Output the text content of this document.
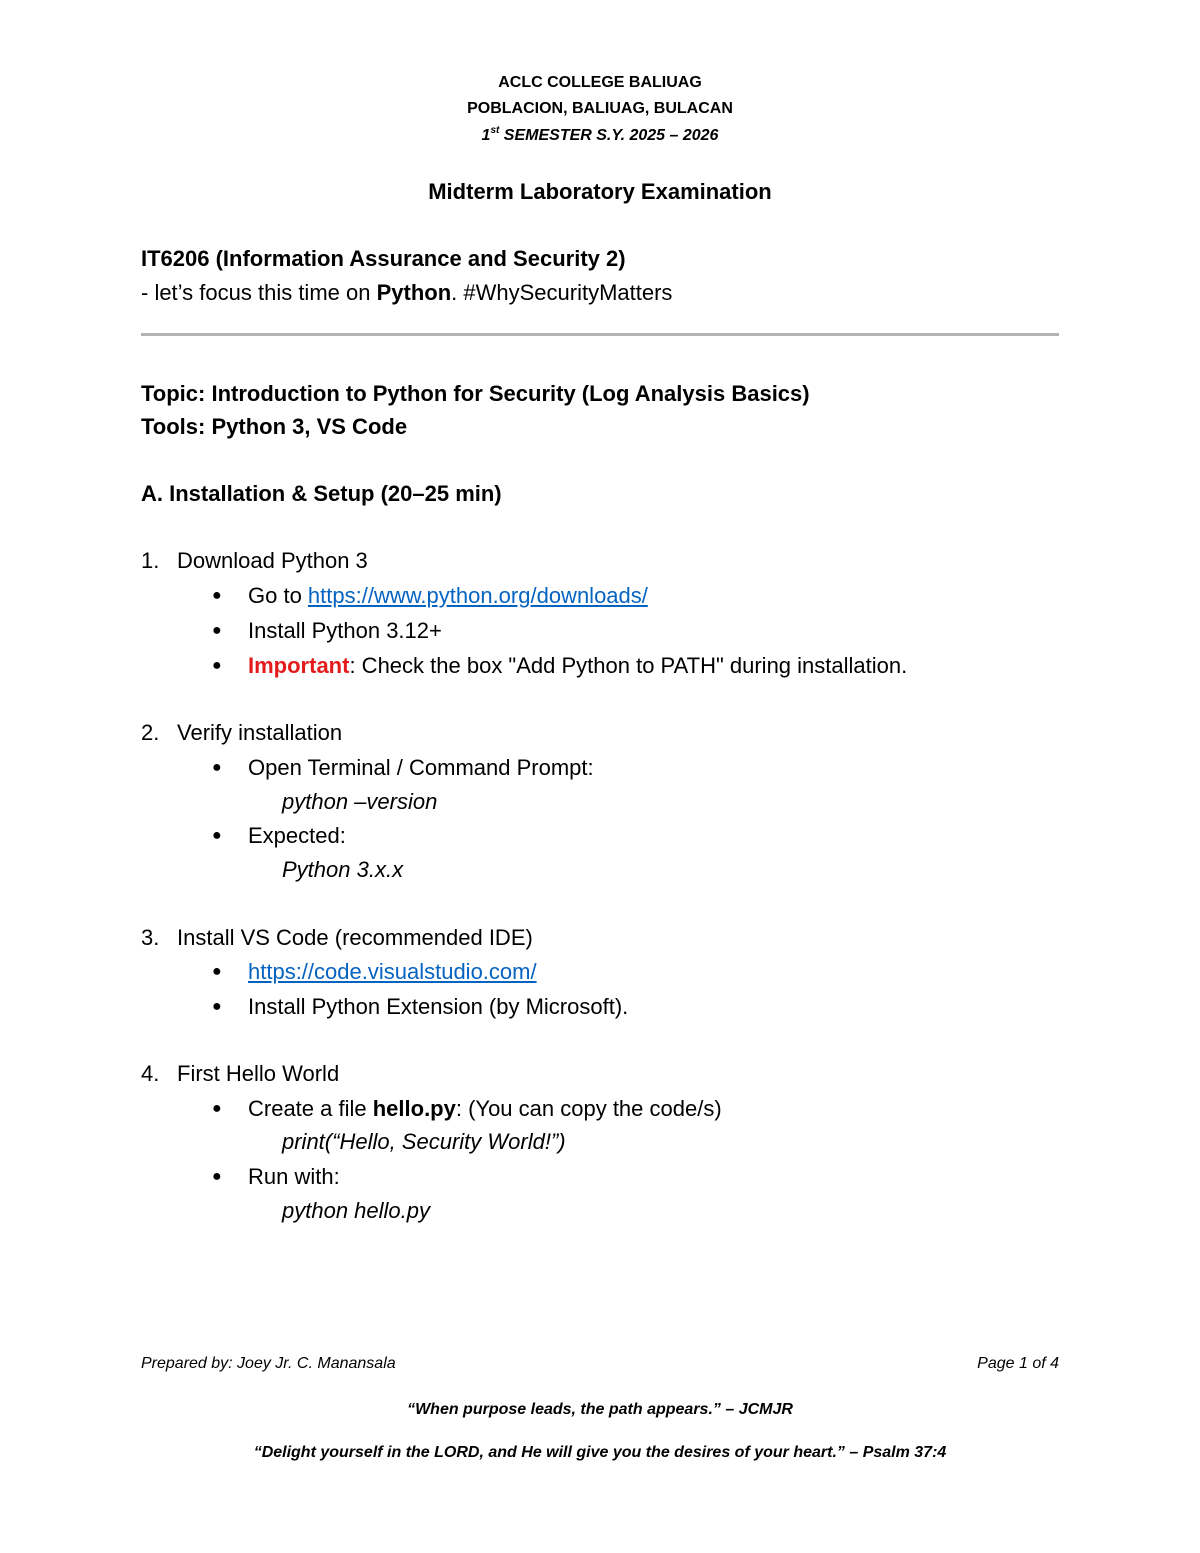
ACLC COLLEGE BALIUAG
POBLACION, BALIUAG, BULACAN
1st SEMESTER S.Y. 2025 – 2026
Midterm Laboratory Examination
IT6206 (Information Assurance and Security 2)
- let’s focus this time on Python. #WhySecurityMatters
Topic: Introduction to Python for Security (Log Analysis Basics)
Tools: Python 3, VS Code
A. Installation & Setup (20–25 min)
1. Download Python 3
● Go to https://www.python.org/downloads/
● Install Python 3.12+
● Important: Check the box "Add Python to PATH" during installation.
2. Verify installation
● Open Terminal / Command Prompt:
python –version
● Expected:
Python 3.x.x
3. Install VS Code (recommended IDE)
● https://code.visualstudio.com/
● Install Python Extension (by Microsoft).
4. First Hello World
● Create a file hello.py: (You can copy the code/s)
print(“Hello, Security World!”)
● Run with:
python hello.py
Prepared by: Joey Jr. C. Manansala	Page 1 of 4
“When purpose leads, the path appears.” – JCMJR
“Delight yourself in the LORD, and He will give you the desires of your heart.” – Psalm 37:4
